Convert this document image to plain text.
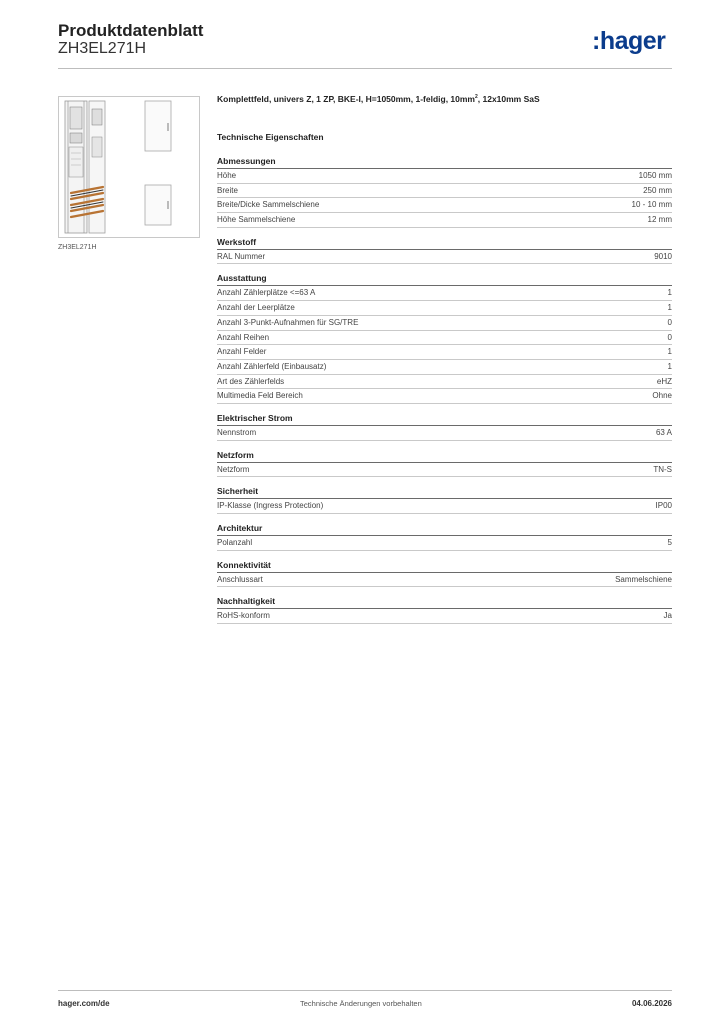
Produktdatenblatt
ZH3EL271H	:hager
ZH3EL271H
Komplettfeld, univers Z, 1 ZP, BKE-I, H=1050mm, 1-feldig, $10mm^2$, 12x10mm SaS
Technische Eigenschaften
Abmessungen
Höhe	1050 mm
Breite	250 mm
Breite/Dicke Sammelschiene	10 - 10 mm
Höhe Sammelschiene	12 mm
Werkstoff
RAL Nummer	9010
Ausstattung
Anzahl Zählerplätze <=63 A	1
Anzahl der Leerplätze	1
Anzahl 3-Punkt-Aufnahmen für SG/TRE	0
Anzahl Reihen	0
Anzahl Felder	1
Anzahl Zählerfeld (Einbausatz)	1
Art des Zählerfelds	eHZ
Multimedia Feld Bereich	Ohne
Elektrischer Strom
Nennstrom	63 A
Netzform
Netzform	TN-S
Sicherheit
IP-Klasse (Ingress Protection)	IP00
Architektur
Polanzahl	5
Konnektivität
Anschlussart	Sammelschiene
Nachhaltigkeit
RoHS-konform	Ja
hager.com/de	Technische Änderungen vorbehalten	04.06.2026
